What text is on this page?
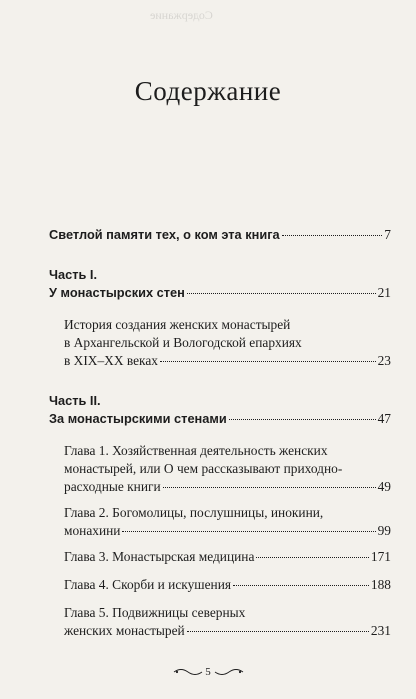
Содержание
Содержание
Светлой памяти тех, о ком эта книга	7
Часть I.
У монастырских стен	21
История создания женских монастырей
в Архангельской и Вологодской епархиях
в XIX–XX веках	23
Часть II.
За монастырскими стенами	47
Глава 1. Хозяйственная деятельность женских
монастырей, или О чем рассказывают приходно-
расходные книги	49
Глава 2. Богомолицы, послушницы, инокини,
монахини	99
Глава 3. Монастырская медицина	171
Глава 4. Скорби и искушения	188
Глава 5. Подвижницы северных
женских монастырей	231
5
